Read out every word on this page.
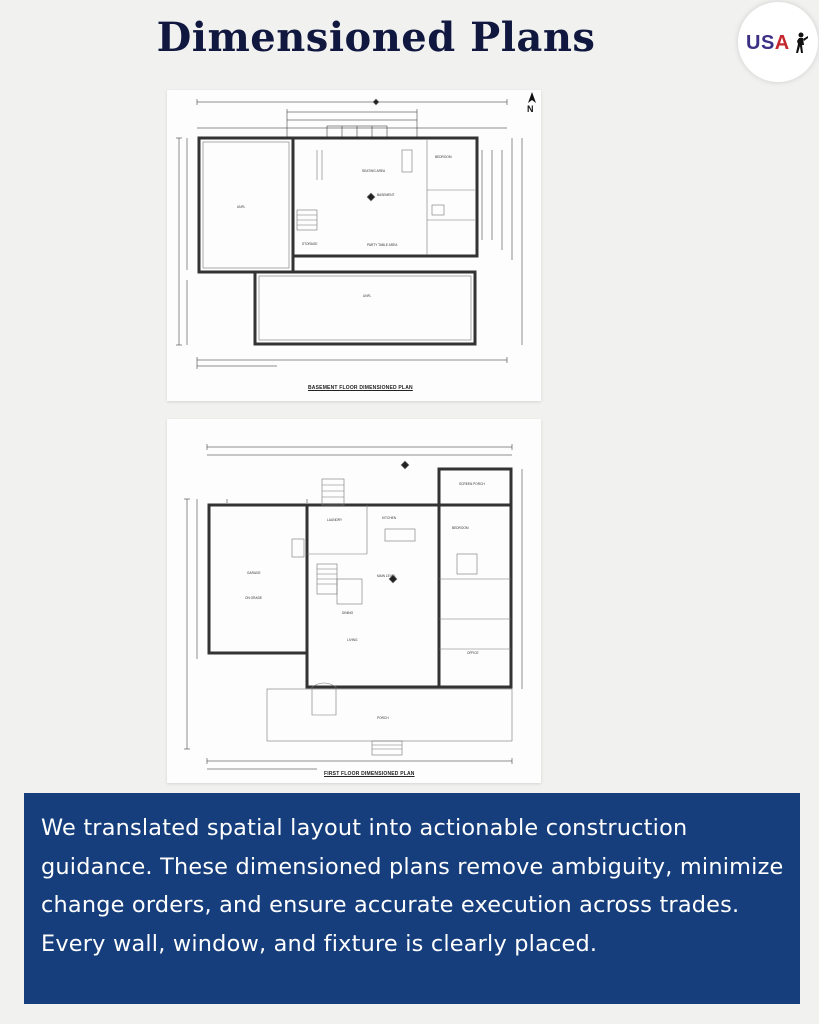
Dimensioned Plans	USA
UNFL
SEATING AREA
BASEMENT
PARTY TABLE AREA
BEDROOM
UNFL
STORAGE
N
BASEMENT FLOOR DIMENSIONED PLAN
GARAGE
ON GRADE
MAIN LEVEL
KITCHEN
DINING
LIVING
BEDROOM
SCREEN PORCH
LAUNDRY
PORCH
OFFICE
FIRST FLOOR DIMENSIONED PLAN

We translated spatial layout into actionable construction guidance. These dimensioned plans remove ambiguity, minimize change orders, and ensure accurate execution across trades. Every wall, window, and fixture is clearly placed.
